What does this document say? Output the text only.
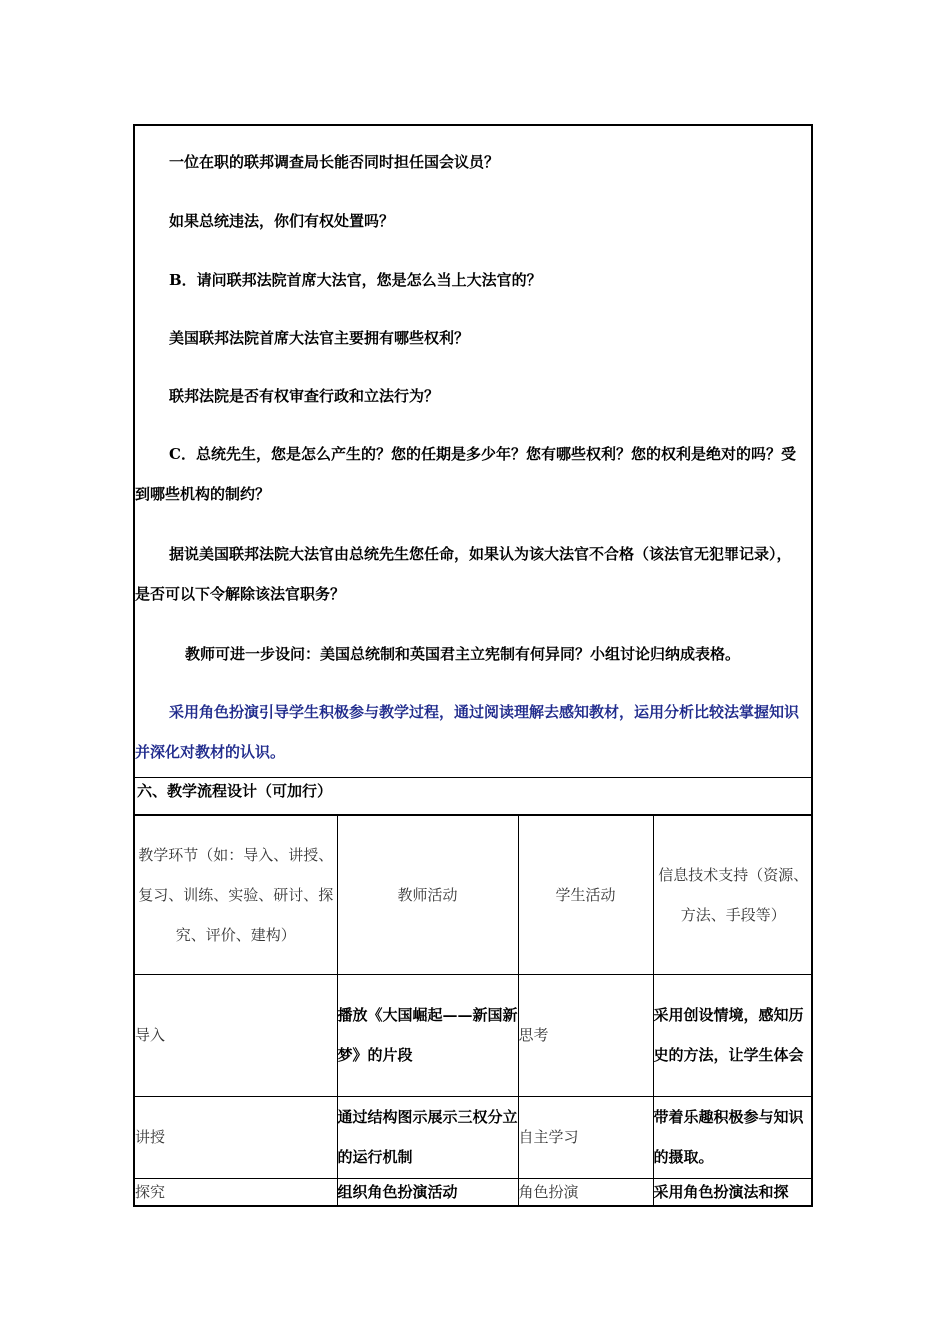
一位在职的联邦调查局长能否同时担任国会议员？

如果总统违法，你们有权处置吗？

B．请问联邦法院首席大法官，您是怎么当上大法官的？

美国联邦法院首席大法官主要拥有哪些权利？

联邦法院是否有权审查行政和立法行为？

C．总统先生，您是怎么产生的？您的任期是多少年？您有哪些权利？您的权利是绝对的吗？受到哪些机构的制约？

据说美国联邦法院大法官由总统先生您任命，如果认为该大法官不合格（该法官无犯罪记录），是否可以下令解除该法官职务？

教师可进一步设问：美国总统制和英国君主立宪制有何异同？小组讨论归纳成表格。

采用角色扮演引导学生积极参与教学过程，通过阅读理解去感知教材，运用分析比较法掌握知识并深化对教材的认识。

六、教学流程设计（可加行）
教学环节（如：导入、讲授、复习、训练、实验、研讨、探究、评价、建构）	教师活动	学生活动	信息技术支持（资源、方法、手段等）
导入	播放《大国崛起——新国新梦》的片段	思考	采用创设情境，感知历史的方法，让学生体会
讲授	通过结构图示展示三权分立的运行机制	自主学习	带着乐趣积极参与知识的摄取。
探究	组织角色扮演活动	角色扮演	采用角色扮演法和探
